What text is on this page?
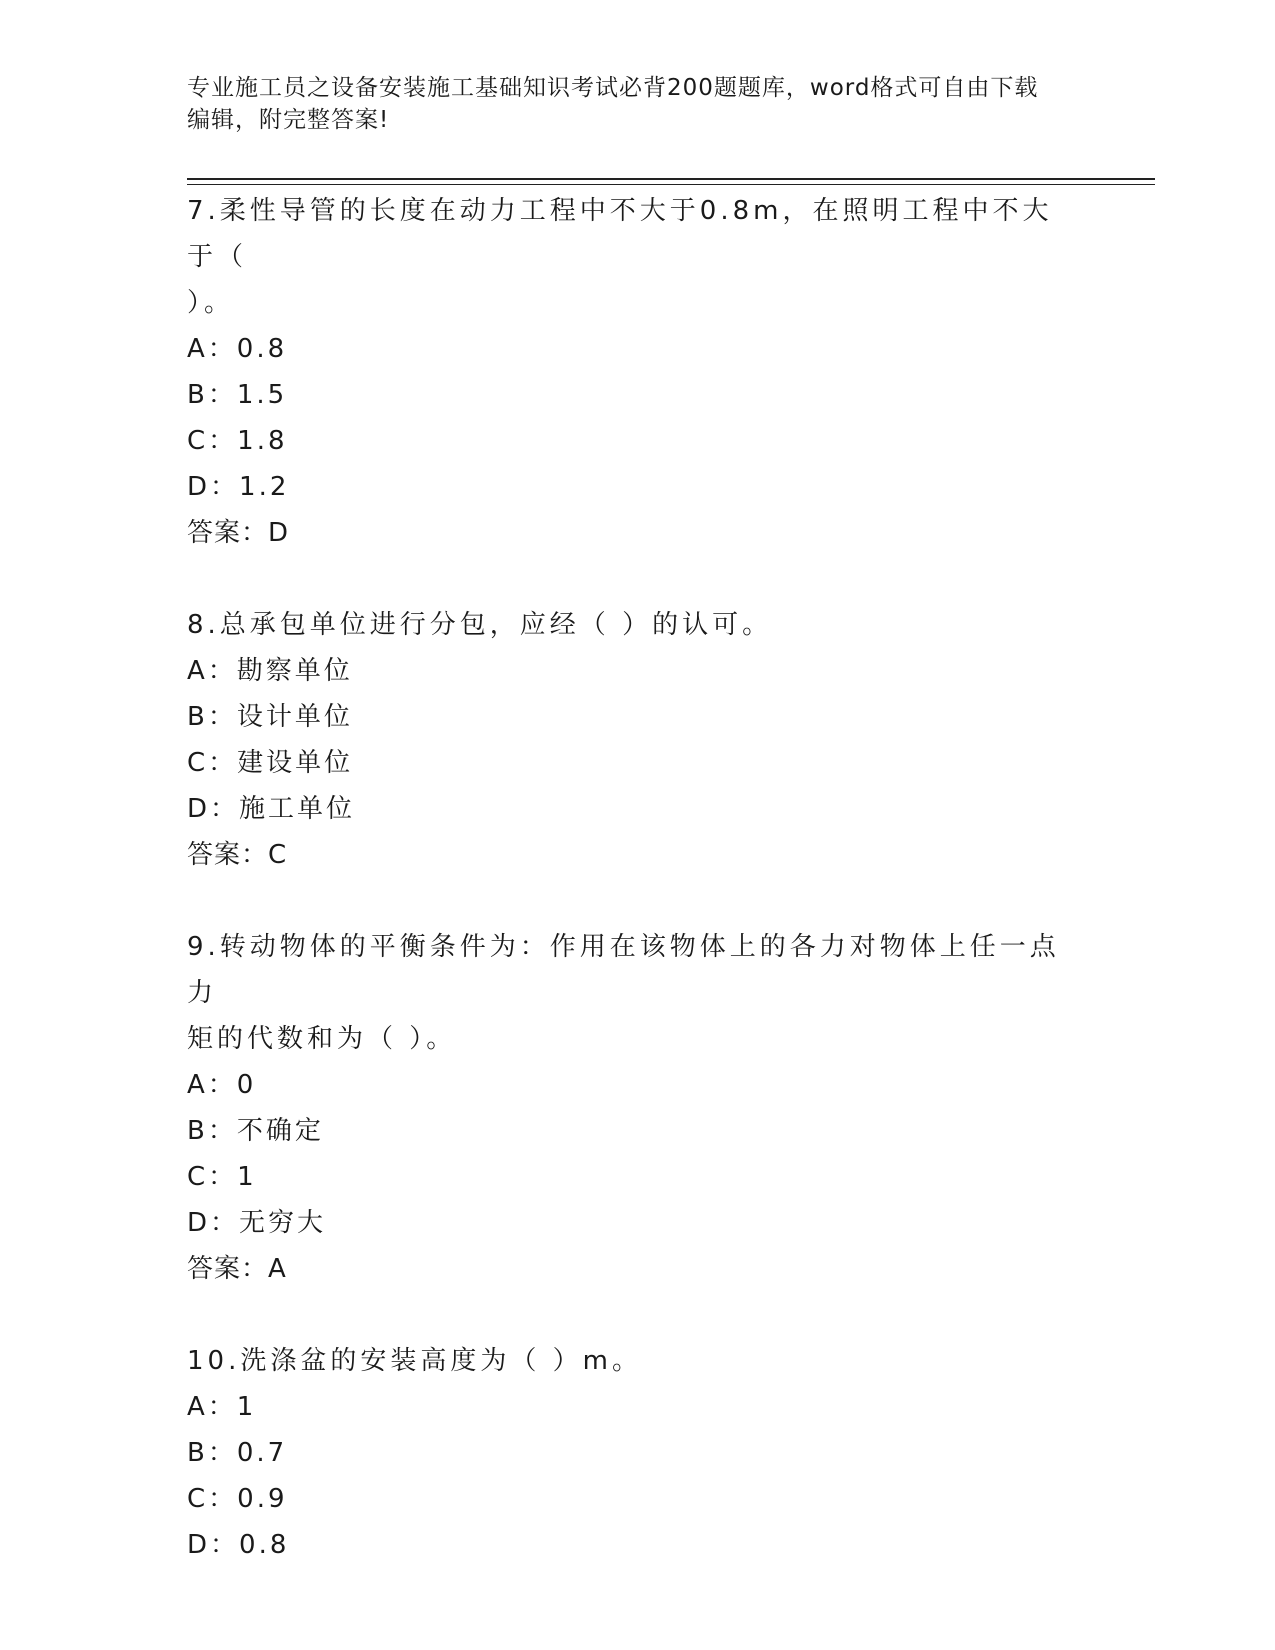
专业施工员之设备安装施工基础知识考试必背200题题库，word格式可自由下载
编辑，附完整答案!
7.柔性导管的长度在动力工程中不大于0.8m，在照明工程中不大于（
）。
A：0.8
B：1.5
C：1.8
D：1.2
答案：D
8.总承包单位进行分包，应经（ ）的认可。
A：勘察单位
B：设计单位
C：建设单位
D：施工单位
答案：C
9.转动物体的平衡条件为：作用在该物体上的各力对物体上任一点力
矩的代数和为（ ）。
A：0
B：不确定
C：1
D：无穷大
答案：A
10.洗涤盆的安装高度为（ ）m。
A：1
B：0.7
C：0.9
D：0.8
